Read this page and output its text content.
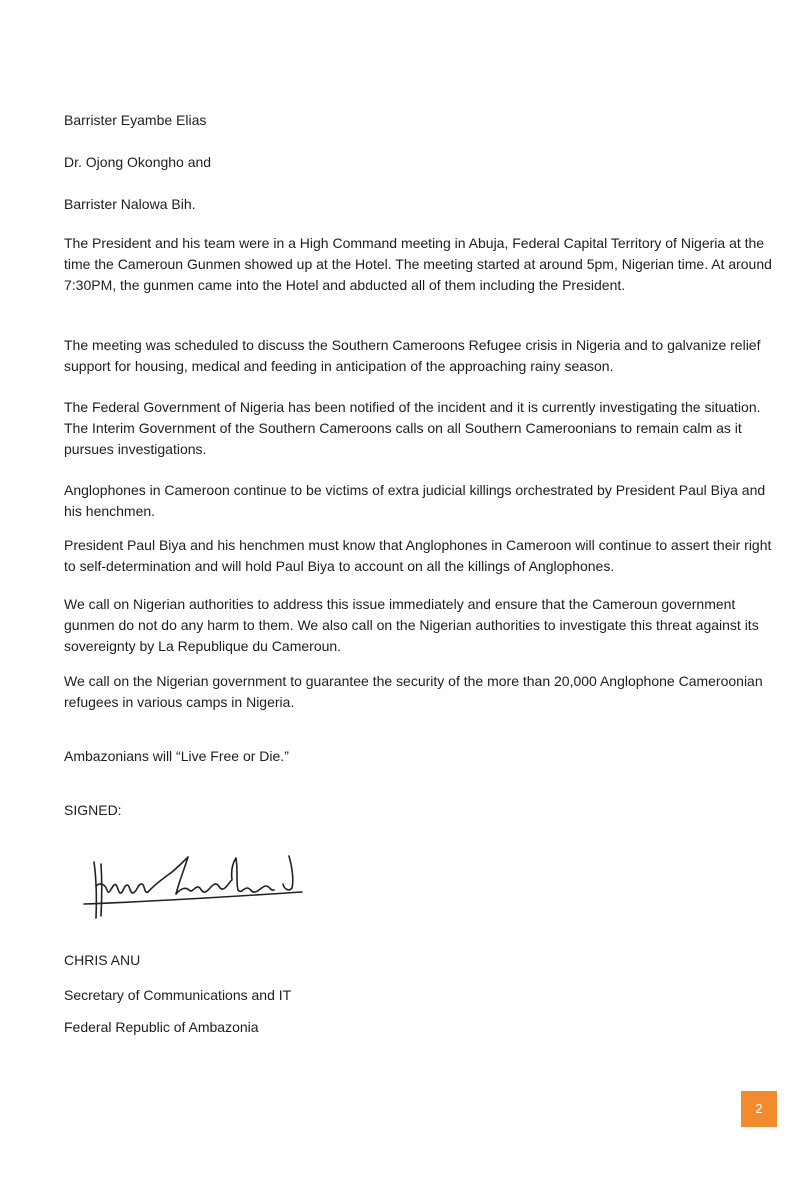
Barrister Eyambe Elias

Dr. Ojong Okongho and

Barrister Nalowa Bih.

The President and his team were in a High Command meeting in Abuja, Federal Capital Territory of Nigeria at the time the Cameroun Gunmen showed up at the Hotel. The meeting started at around 5pm, Nigerian time. At around 7:30PM, the gunmen came into the Hotel and abducted all of them including the President.

The meeting was scheduled to discuss the Southern Cameroons Refugee crisis in Nigeria and to galvanize relief support for housing, medical and feeding in anticipation of the approaching rainy season.

The Federal Government of Nigeria has been notified of the incident and it is currently investigating the situation. The Interim Government of the Southern Cameroons calls on all Southern Cameroonians to remain calm as it pursues investigations.

Anglophones in Cameroon continue to be victims of extra judicial killings orchestrated by President Paul Biya and his henchmen.

President Paul Biya and his henchmen must know that Anglophones in Cameroon will continue to assert their right to self-determination and will hold Paul Biya to account on all the killings of Anglophones.

We call on Nigerian authorities to address this issue immediately and ensure that the Cameroun government gunmen do not do any harm to them. We also call on the Nigerian authorities to investigate this threat against its sovereignty by La Republique du Cameroun.

We call on the Nigerian government to guarantee the security of the more than 20,000 Anglophone Cameroonian refugees in various camps in Nigeria.

Ambazonians will “Live Free or Die.”

SIGNED:

CHRIS ANU

Secretary of Communications and IT

Federal Republic of Ambazonia

2
